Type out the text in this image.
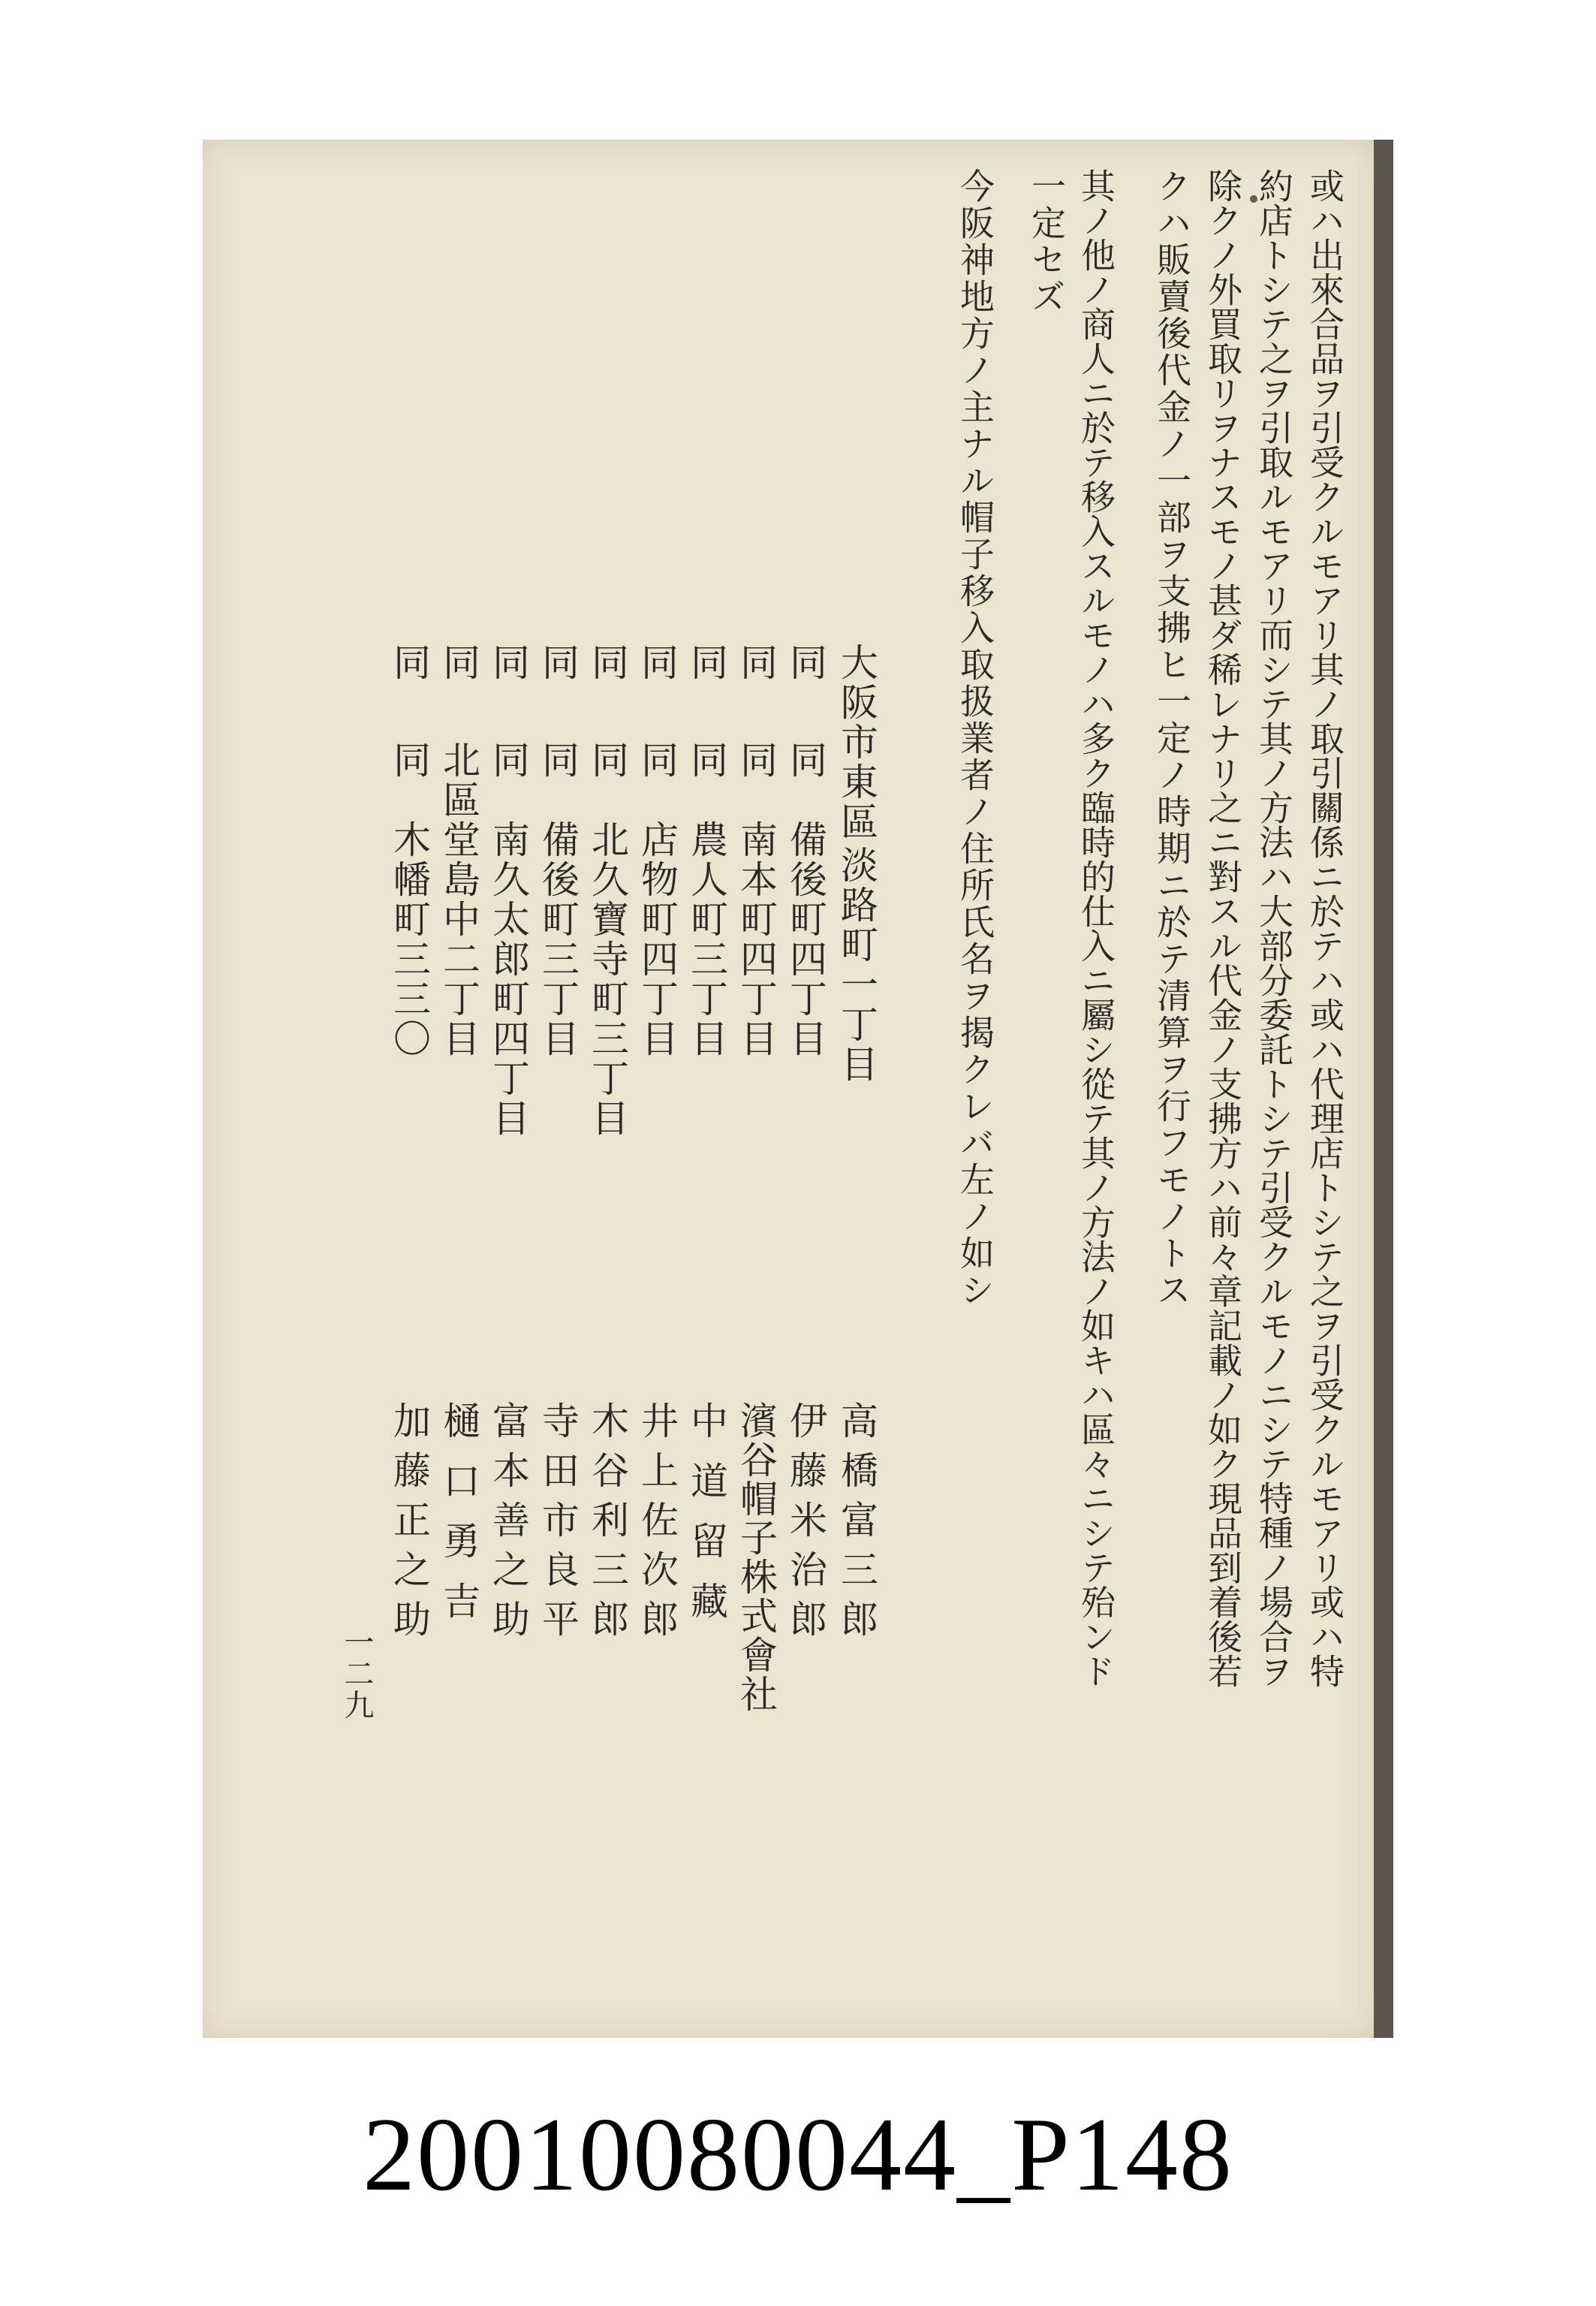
或ハ出來合品ヲ引受クルモアリ其ノ取引關係ニ於テハ或ハ代理店トシテ之ヲ引受クルモアリ或ハ特
約店トシテ之ヲ引取ルモアリ而シテ其ノ方法ハ大部分委託トシテ引受クルモノニシテ特種ノ場合ヲ
除クノ外買取リヲナスモノ甚ダ稀レナリ之ニ對スル代金ノ支拂方ハ前々章記載ノ如ク現品到着後若
クハ販賣後代金ノ一部ヲ支拂ヒ一定ノ時期ニ於テ清算ヲ行フモノトス
其ノ他ノ商人ニ於テ移入スルモノハ多ク臨時的仕入ニ屬シ從テ其ノ方法ノ如キハ區々ニシテ殆ンド
一定セズ
今阪神地方ノ主ナル帽子移入取扱業者ノ住所氏名ヲ揭クレバ左ノ如シ
大阪市東區
淡路町一丁目
高橋富三郎
同
同　備後町四丁目
伊藤米治郎
同
同　南本町四丁目
濱谷帽子株式會社
同
同　農人町三丁目
中道留藏
同
同　店物町四丁目
井上佐次郎
同
同　北久寶寺町三丁目
木谷利三郎
同
同　備後町三丁目
寺田市良平
同
同　南久太郎町四丁目
富本善之助
同
北區堂島中二丁目
樋口勇吉
同
同　木幡町三三〇
加藤正之助
一二九
20010080044_P148
